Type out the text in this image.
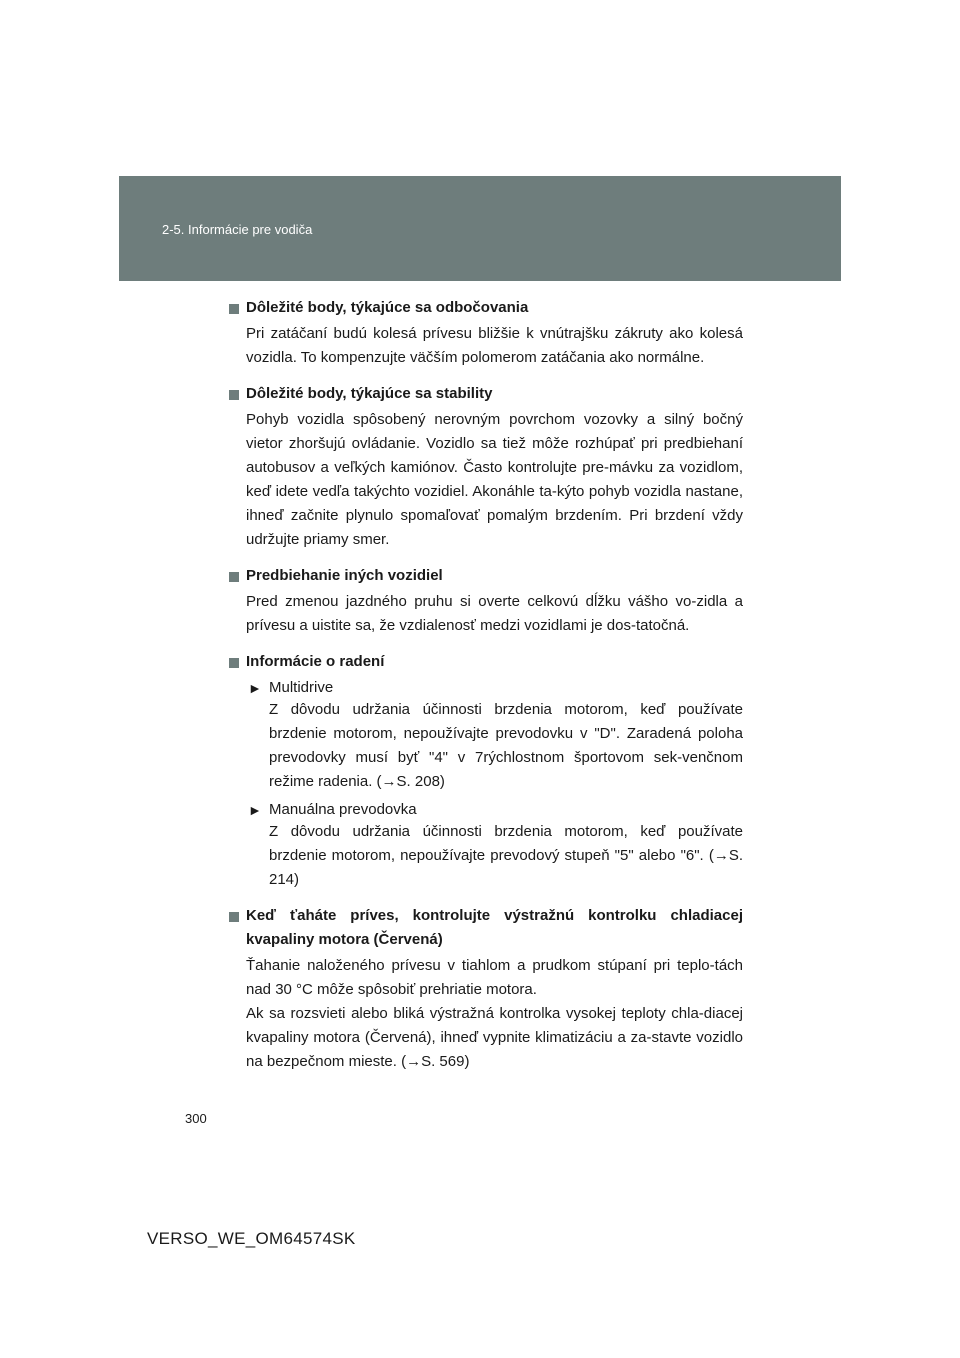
2-5. Informácie pre vodiča
Dôležité body, týkajúce sa odbočovania
Pri zatáčaní budú kolesá prívesu bližšie k vnútrajšku zákruty ako kolesá vozidla. To kompenzujte väčším polomerom zatáčania ako normálne.
Dôležité body, týkajúce sa stability
Pohyb vozidla spôsobený nerovným povrchom vozovky a silný bočný vietor zhoršujú ovládanie. Vozidlo sa tiež môže rozhúpať pri predbiehaní autobusov a veľkých kamiónov. Často kontrolujte pre-mávku za vozidlom, keď idete vedľa takýchto vozidiel. Akonáhle ta-kýto pohyb vozidla nastane, ihneď začnite plynulo spomaľovať pomalým brzdením. Pri brzdení vždy udržujte priamy smer.
Predbiehanie iných vozidiel
Pred zmenou jazdného pruhu si overte celkovú dĺžku vášho vo-zidla a prívesu a uistite sa, že vzdialenosť medzi vozidlami je dos-tatočná.
Informácie o radení
► Multidrive
Z dôvodu udržania účinnosti brzdenia motorom, keď používate brzdenie motorom, nepoužívajte prevodovku v "D". Zaradená poloha prevodovky musí byť "4" v 7rýchlostnom športovom sek-venčnom režime radenia. (→S. 208)
► Manuálna prevodovka
Z dôvodu udržania účinnosti brzdenia motorom, keď používate brzdenie motorom, nepoužívajte prevodový stupeň "5" alebo "6". (→S. 214)
Keď ťaháte príves, kontrolujte výstražnú kontrolku chladiacej kvapaliny motora (Červená)
Ťahanie naloženého prívesu v tiahlom a prudkom stúpaní pri teplo-tách nad 30 °C môže spôsobiť prehriatie motora.
Ak sa rozsvieti alebo bliká výstražná kontrolka vysokej teploty chla-diacej kvapaliny motora (Červená), ihneď vypnite klimatizáciu a za-stavte vozidlo na bezpečnom mieste. (→S. 569)
300
VERSO_WE_OM64574SK
